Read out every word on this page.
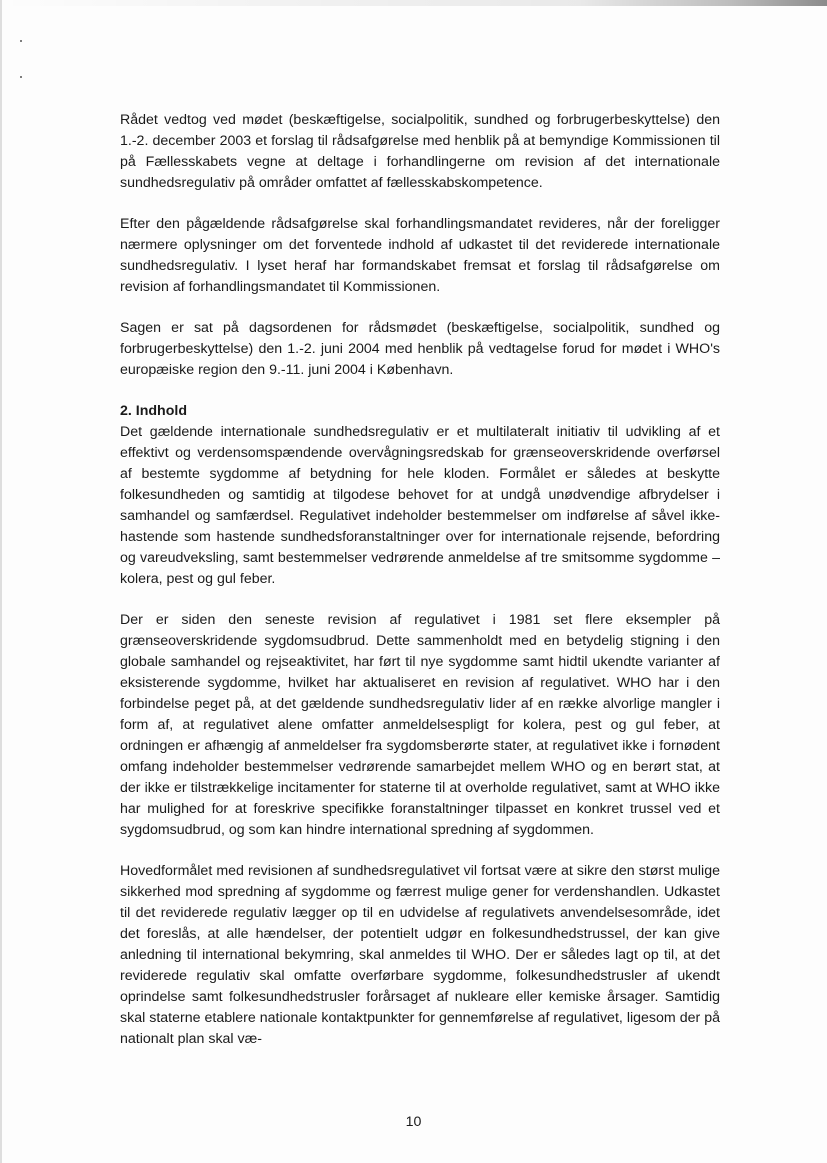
Rådet vedtog ved mødet (beskæftigelse, socialpolitik, sundhed og forbrugerbeskyttelse) den 1.-2. december 2003 et forslag til rådsafgørelse med henblik på at bemyndige Kommissionen til på Fællesskabets vegne at deltage i forhandlingerne om revision af det internationale sundhedsregulativ på områder omfattet af fællesskabskompetence.

Efter den pågældende rådsafgørelse skal forhandlingsmandatet revideres, når der foreligger nærmere oplysninger om det forventede indhold af udkastet til det reviderede internationale sundhedsregulativ. I lyset heraf har formandskabet fremsat et forslag til rådsafgørelse om revision af forhandlingsmandatet til Kommissionen.

Sagen er sat på dagsordenen for rådsmødet (beskæftigelse, socialpolitik, sundhed og forbrugerbeskyttelse) den 1.-2. juni 2004 med henblik på vedtagelse forud for mødet i WHO's europæiske region den 9.-11. juni 2004 i København.

2. Indhold

Det gældende internationale sundhedsregulativ er et multilateralt initiativ til udvikling af et effektivt og verdensomspændende overvågningsredskab for grænseoverskridende overførsel af bestemte sygdomme af betydning for hele kloden. Formålet er således at beskytte folkesundheden og samtidig at tilgodese behovet for at undgå unødvendige afbrydelser i samhandel og samfærdsel. Regulativet indeholder bestemmelser om indførelse af såvel ikke-hastende som hastende sundhedsforanstaltninger over for internationale rejsende, befordring og vareudveksling, samt bestemmelser vedrørende anmeldelse af tre smitsomme sygdomme – kolera, pest og gul feber.

Der er siden den seneste revision af regulativet i 1981 set flere eksempler på grænseoverskridende sygdomsudbrud. Dette sammenholdt med en betydelig stigning i den globale samhandel og rejseaktivitet, har ført til nye sygdomme samt hidtil ukendte varianter af eksisterende sygdomme, hvilket har aktualiseret en revision af regulativet. WHO har i den forbindelse peget på, at det gældende sundhedsregulativ lider af en række alvorlige mangler i form af, at regulativet alene omfatter anmeldelsespligt for kolera, pest og gul feber, at ordningen er afhængig af anmeldelser fra sygdomsberørte stater, at regulativet ikke i fornødent omfang indeholder bestemmelser vedrørende samarbejdet mellem WHO og en berørt stat, at der ikke er tilstrækkelige incitamenter for staterne til at overholde regulativet, samt at WHO ikke har mulighed for at foreskrive specifikke foranstaltninger tilpasset en konkret trussel ved et sygdomsudbrud, og som kan hindre international spredning af sygdommen.

Hovedformålet med revisionen af sundhedsregulativet vil fortsat være at sikre den størst mulige sikkerhed mod spredning af sygdomme og færrest mulige gener for verdenshandlen. Udkastet til det reviderede regulativ lægger op til en udvidelse af regulativets anvendelsesområde, idet det foreslås, at alle hændelser, der potentielt udgør en folkesundhedstrussel, der kan give anledning til international bekymring, skal anmeldes til WHO. Der er således lagt op til, at det reviderede regulativ skal omfatte overførbare sygdomme, folkesundhedstrusler af ukendt oprindelse samt folkesundhedstrusler forårsaget af nukleare eller kemiske årsager. Samtidig skal staterne etablere nationale kontaktpunkter for gennemførelse af regulativet, ligesom der på nationalt plan skal væ-

10
